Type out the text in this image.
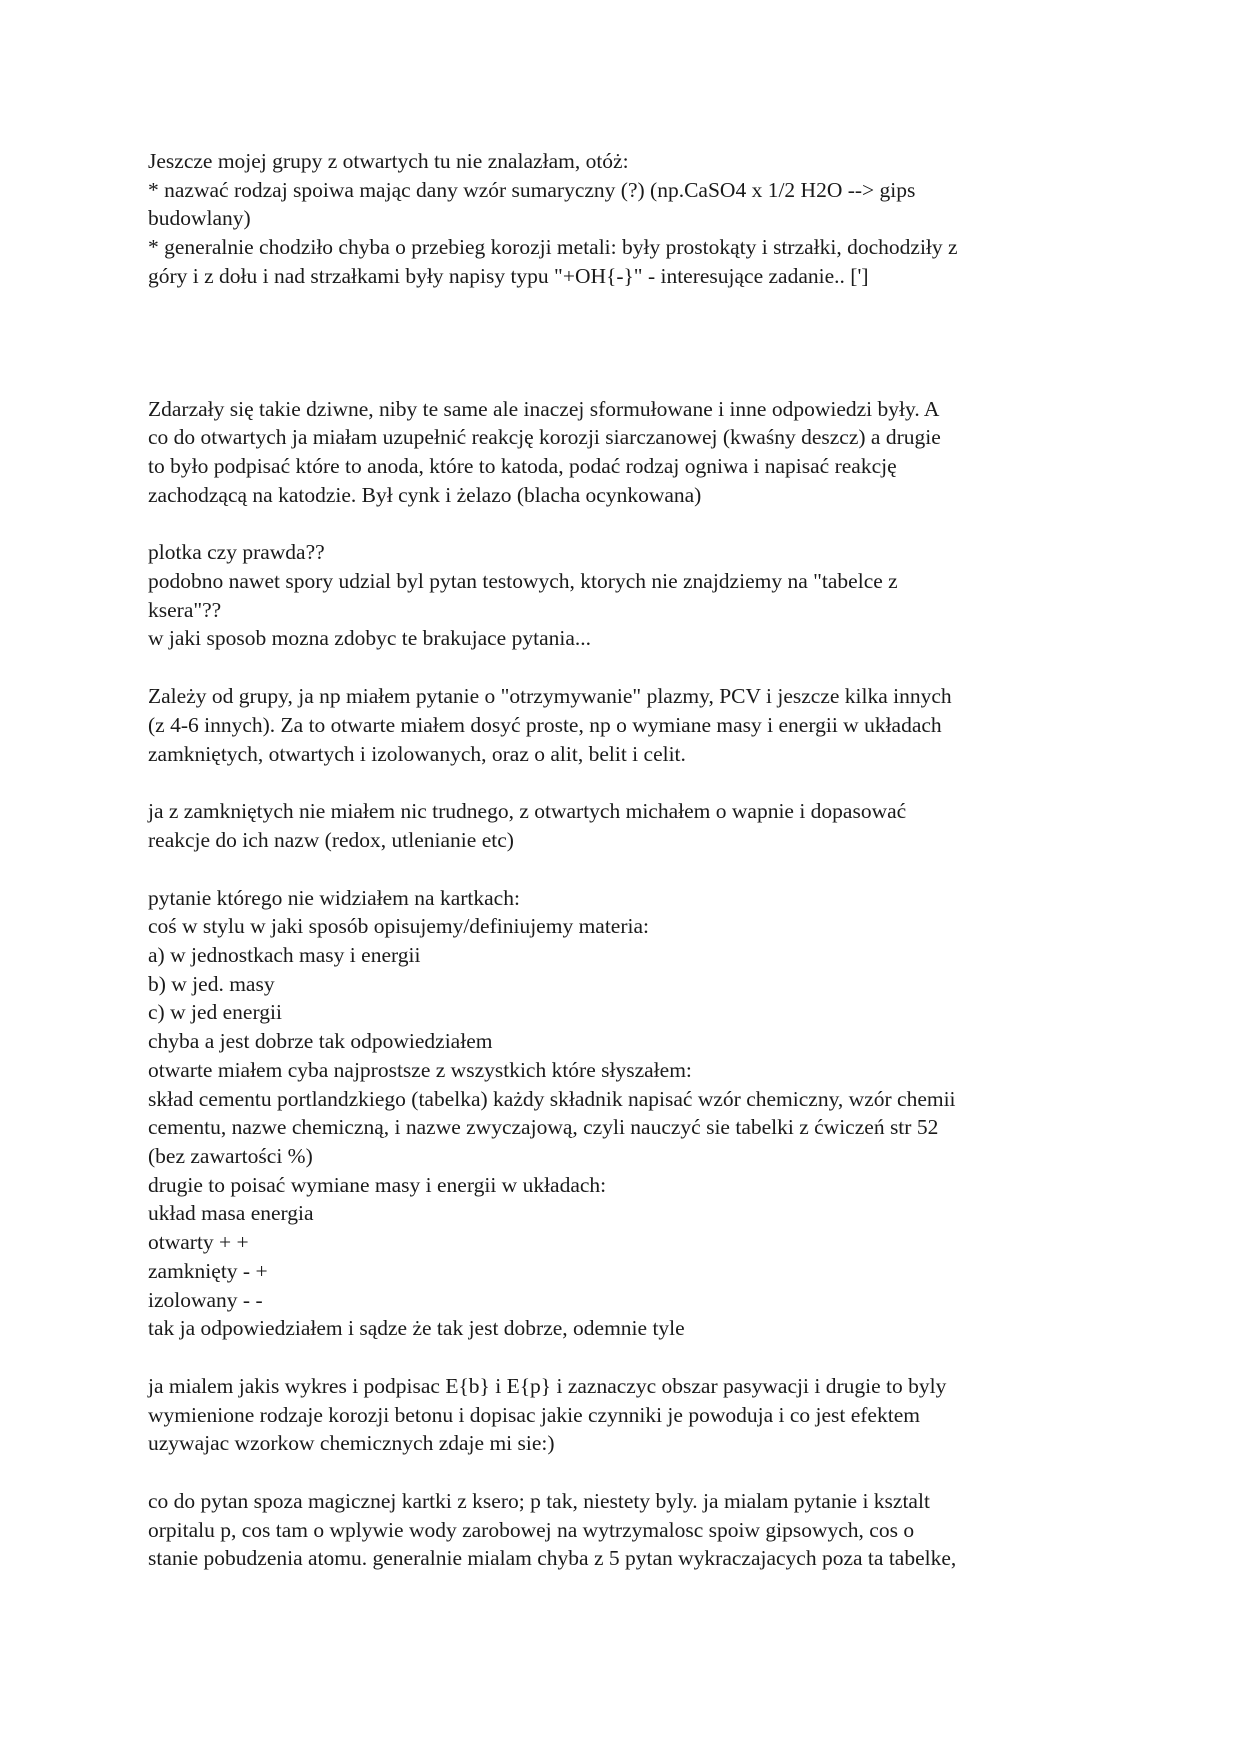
Jeszcze mojej grupy z otwartych tu nie znalazłam, otóż:
* nazwać rodzaj spoiwa mając dany wzór sumaryczny (?) (np.CaSO4 x 1/2 H2O --> gips
budowlany)
* generalnie chodziło chyba o przebieg korozji metali: były prostokąty i strzałki, dochodziły z
góry i z dołu i nad strzałkami były napisy typu "+OH{-}" - interesujące zadanie.. [']

Zdarzały się takie dziwne, niby te same ale inaczej sformułowane i inne odpowiedzi były. A
co do otwartych ja miałam uzupełnić reakcję korozji siarczanowej (kwaśny deszcz) a drugie
to było podpisać które to anoda, które to katoda, podać rodzaj ogniwa i napisać reakcję
zachodzącą na katodzie. Był cynk i żelazo (blacha ocynkowana)

plotka czy prawda??
podobno nawet spory udzial byl pytan testowych, ktorych nie znajdziemy na "tabelce z
ksera"??
w jaki sposob mozna zdobyc te brakujace pytania...

Zależy od grupy, ja np miałem pytanie o "otrzymywanie" plazmy, PCV i jeszcze kilka innych
(z 4-6 innych). Za to otwarte miałem dosyć proste, np o wymiane masy i energii w układach
zamkniętych, otwartych i izolowanych, oraz o alit, belit i celit.

ja z zamkniętych nie miałem nic trudnego, z otwartych michałem o wapnie i dopasować
reakcje do ich nazw (redox, utlenianie etc)

pytanie którego nie widziałem na kartkach:
coś w stylu w jaki sposób opisujemy/definiujemy materia:
a) w jednostkach masy i energii
b) w jed. masy
c) w jed energii
chyba a jest dobrze tak odpowiedziałem
otwarte miałem cyba najprostsze z wszystkich które słyszałem:
skład cementu portlandzkiego (tabelka) każdy składnik napisać wzór chemiczny, wzór chemii
cementu, nazwe chemiczną, i nazwe zwyczajową, czyli nauczyć sie tabelki z ćwiczeń str 52
(bez zawartości %)
drugie to poisać wymiane masy i energii w układach:
układ masa energia
otwarty + +
zamknięty - +
izolowany - -
tak ja odpowiedziałem i sądze że tak jest dobrze, odemnie tyle

ja mialem jakis wykres i podpisac E{b} i E{p} i zaznaczyc obszar pasywacji i drugie to byly
wymienione rodzaje korozji betonu i dopisac jakie czynniki je powoduja i co jest efektem
uzywajac wzorkow chemicznych zdaje mi sie:)

co do pytan spoza magicznej kartki z ksero; p tak, niestety byly. ja mialam pytanie i ksztalt
orpitalu p, cos tam o wplywie wody zarobowej na wytrzymalosc spoiw gipsowych, cos o
stanie pobudzenia atomu. generalnie mialam chyba z 5 pytan wykraczajacych poza ta tabelke,
